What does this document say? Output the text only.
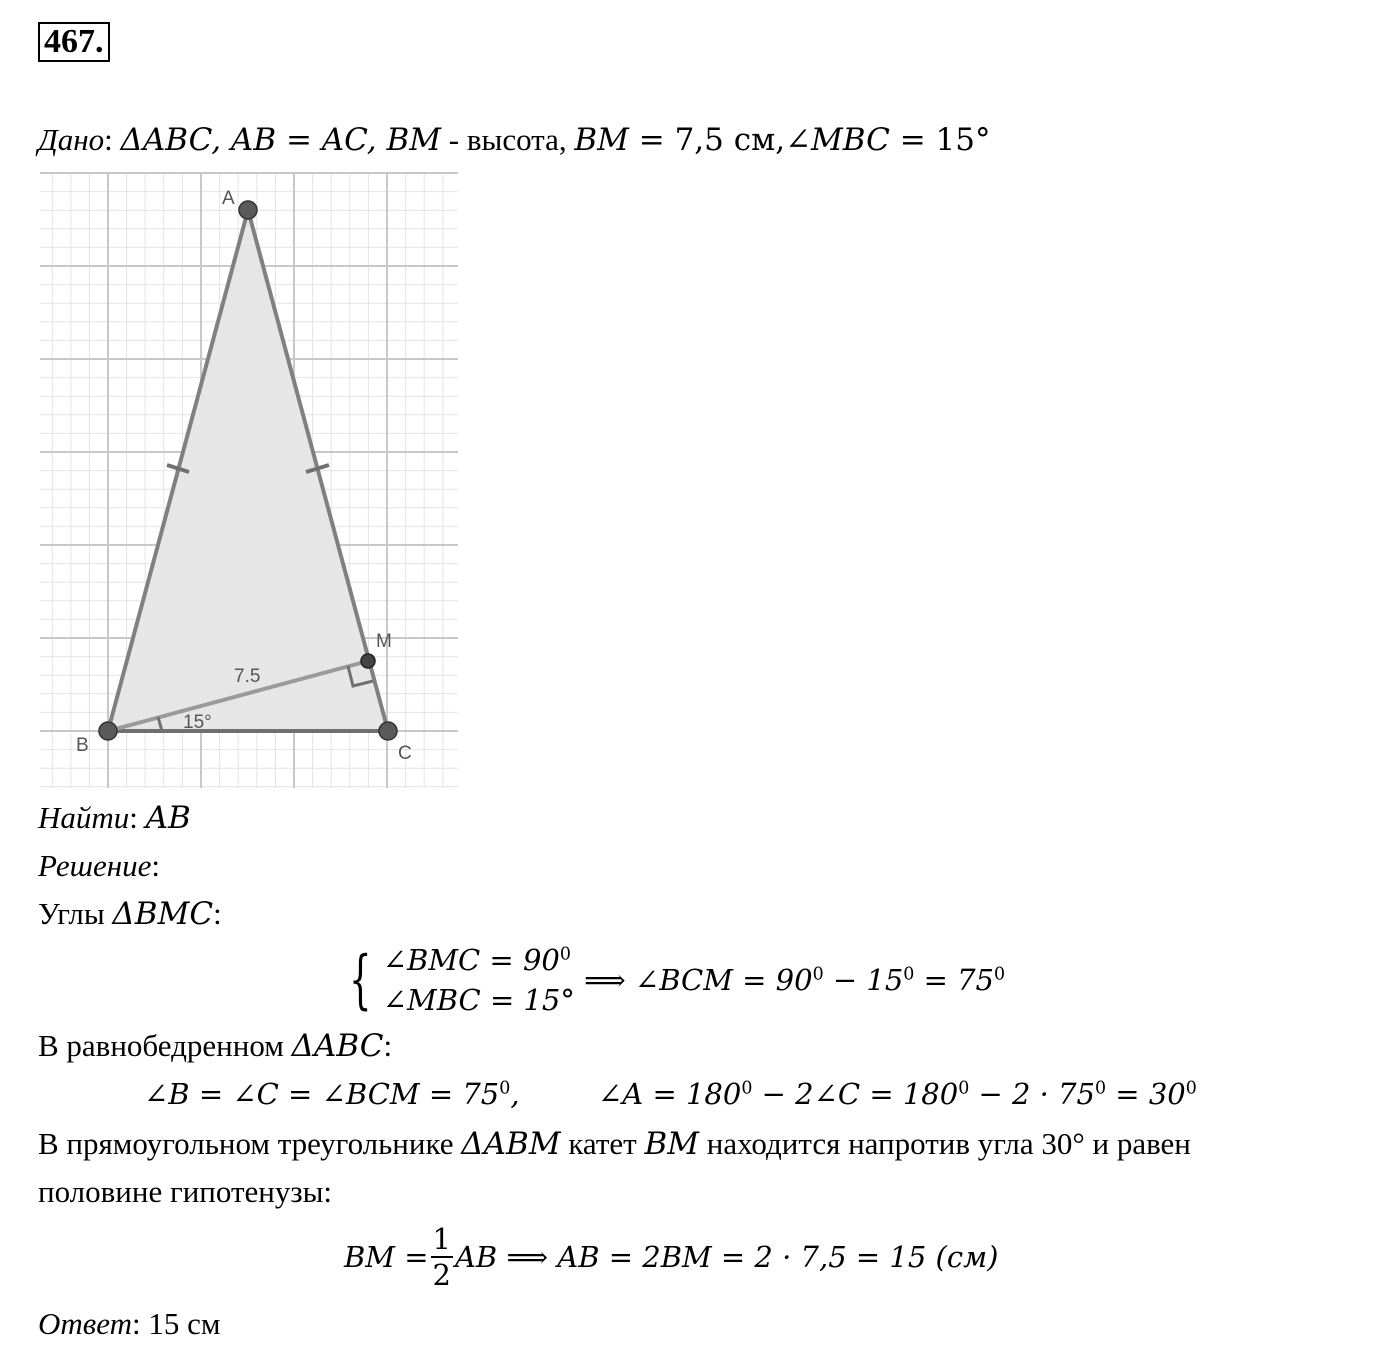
467.
Дано: ΔABC, AB = AC, BM - высота, BM = 7,5 см,∠MBC = 15°
A
B	C
M
7.5
15°
Найти: AB
Решение:
Углы ΔBMC:
{ ∠BMC = $90^0$
∠MBC = 15°
⟹ ∠BCM = $90^0 - 15^0 = 75^0$
В равнобедренном ΔABC:
∠B = ∠C = ∠BCM = $75^0$,	∠A = $180^0$ − 2∠C = $180^0 - 2 \cdot 75^0 = 30^0$
В прямоугольном треугольнике ΔABM катет BM находится напротив угла 30° и равен
половине гипотенузы:
BM = $\frac{1}{2}$ AB ⟹ AB = 2BM = 2 · 7,5 = 15 (см)
Ответ: 15 см
